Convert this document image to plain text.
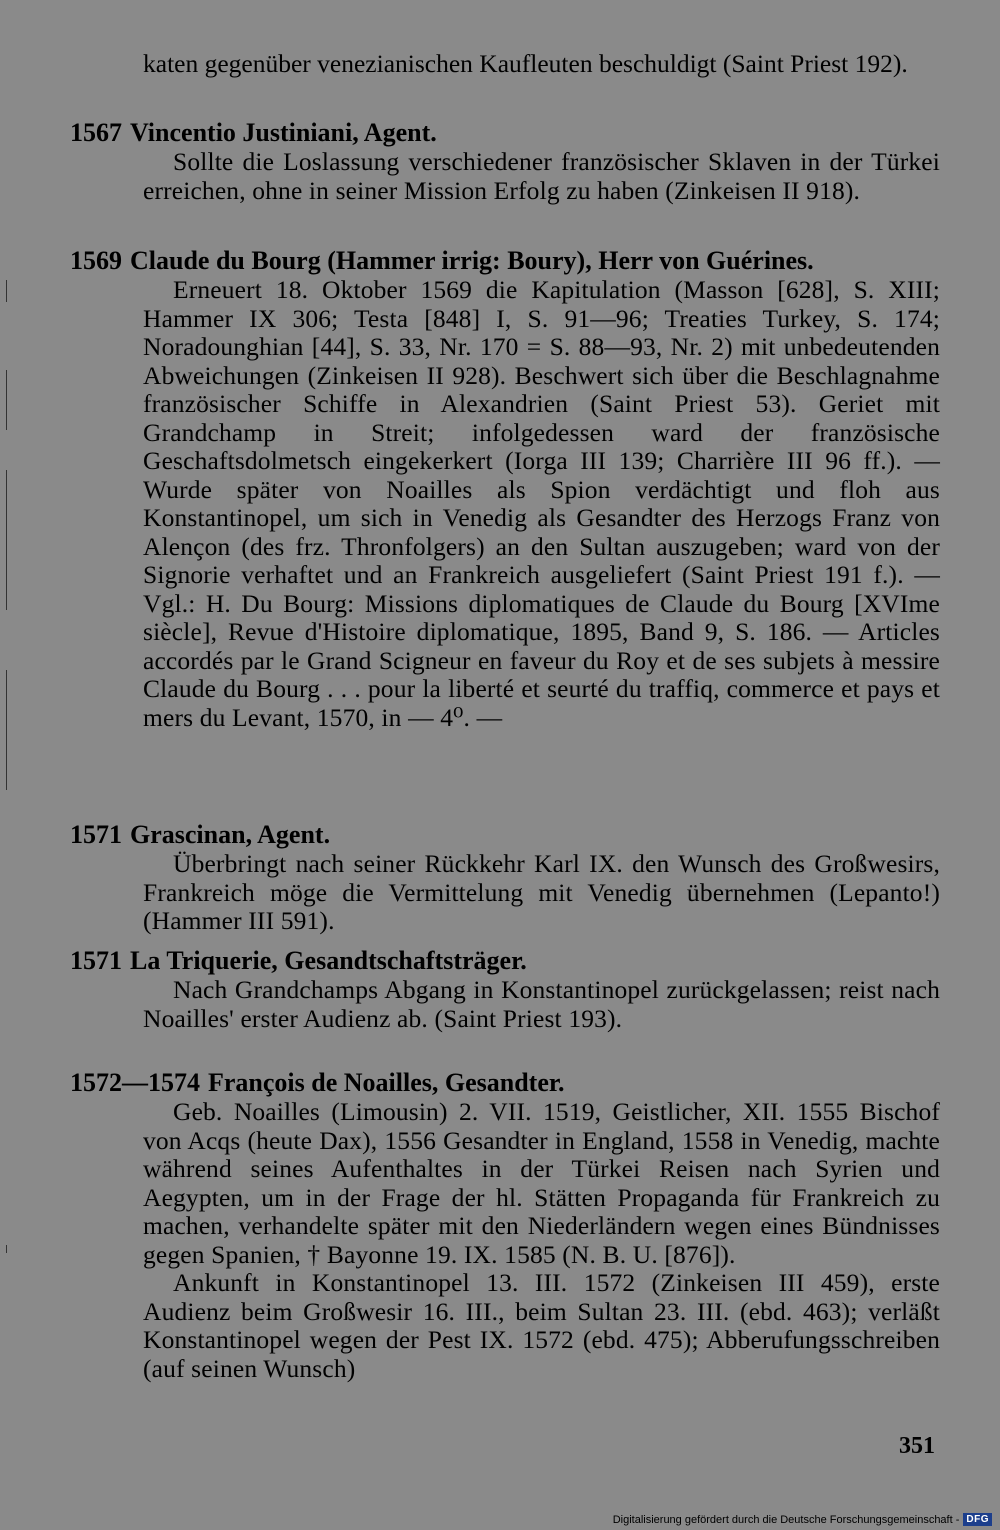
katen gegenüber venezianischen Kaufleuten beschuldigt (Saint Priest 192).

1567 Vincentio Justiniani, Agent.

Sollte die Loslassung verschiedener französischer Sklaven in der Türkei erreichen, ohne in seiner Mission Erfolg zu haben (Zinkeisen II 918).

1569 Claude du Bourg (Hammer irrig: Boury), Herr von Guérines.

Erneuert 18. Oktober 1569 die Kapitulation (Masson [628], S. XIII; Hammer IX 306; Testa [848] I, S. 91—96; Treaties Turkey, S. 174; Noradounghian [44], S. 33, Nr. 170 = S. 88—93, Nr. 2) mit unbedeutenden Abweichungen (Zinkeisen II 928). Beschwert sich über die Beschlagnahme französischer Schiffe in Alexandrien (Saint Priest 53). Geriet mit Grandchamp in Streit; infolgedessen ward der französische Geschaftsdolmetsch eingekerkert (Iorga III 139; Charrière III 96 ff.). — Wurde später von Noailles als Spion verdächtigt und floh aus Konstantinopel, um sich in Venedig als Gesandter des Herzogs Franz von Alençon (des frz. Thronfolgers) an den Sultan auszugeben; ward von der Signorie verhaftet und an Frankreich ausgeliefert (Saint Priest 191 f.). — Vgl.: H. Du Bourg: Missions diplomatiques de Claude du Bourg [XVIme siècle], Revue d'Histoire diplomatique, 1895, Band 9, S. 186. — Articles accordés par le Grand Scigneur en faveur du Roy et de ses subjets à messire Claude du Bourg . . . pour la liberté et seurté du traffiq, commerce et pays et mers du Levant, 1570, in — 4⁰. —

1571 Grascinan, Agent.

Überbringt nach seiner Rückkehr Karl IX. den Wunsch des Großwesirs, Frankreich möge die Vermittelung mit Venedig übernehmen (Lepanto!) (Hammer III 591).

1571 La Triquerie, Gesandtschaftsträger.

Nach Grandchamps Abgang in Konstantinopel zurückgelassen; reist nach Noailles' erster Audienz ab. (Saint Priest 193).

1572—1574 François de Noailles, Gesandter.

Geb. Noailles (Limousin) 2. VII. 1519, Geistlicher, XII. 1555 Bischof von Acqs (heute Dax), 1556 Gesandter in England, 1558 in Venedig, machte während seines Aufenthaltes in der Türkei Reisen nach Syrien und Aegypten, um in der Frage der hl. Stätten Propaganda für Frankreich zu machen, verhandelte später mit den Niederländern wegen eines Bündnisses gegen Spanien, † Bayonne 19. IX. 1585 (N. B. U. [876]).

Ankunft in Konstantinopel 13. III. 1572 (Zinkeisen III 459), erste Audienz beim Großwesir 16. III., beim Sultan 23. III. (ebd. 463); verläßt Konstantinopel wegen der Pest IX. 1572 (ebd. 475); Abberufungsschreiben (auf seinen Wunsch)

351
Digitalisierung gefördert durch die Deutsche Forschungsgemeinschaft - DFG
